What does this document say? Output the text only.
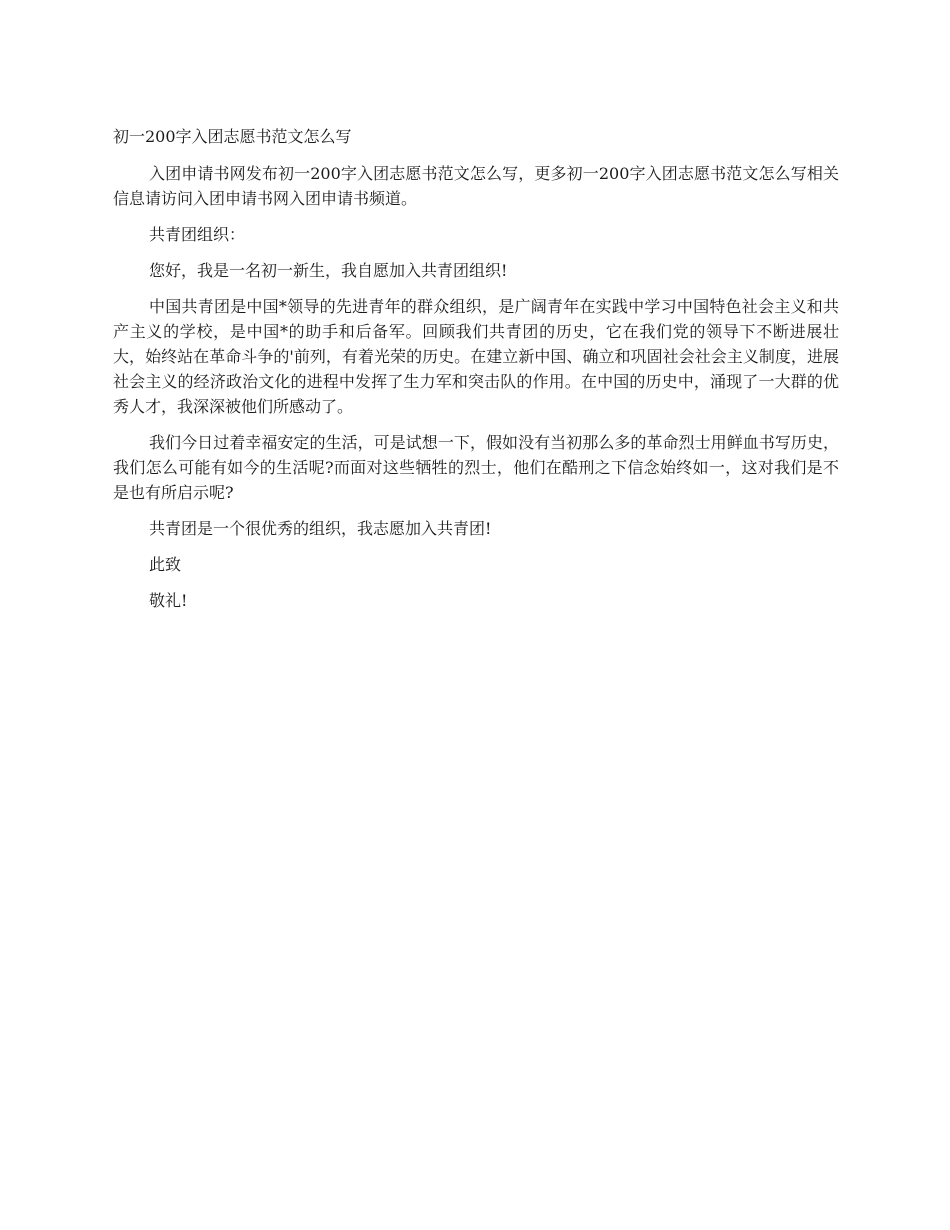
初一200字入团志愿书范文怎么写

入团申请书网发布初一200字入团志愿书范文怎么写，更多初一200字入团志愿书范文怎么写相关信息请访问入团申请书网入团申请书频道。

共青团组织：

您好，我是一名初一新生，我自愿加入共青团组织!

中国共青团是中国*领导的先进青年的群众组织，是广阔青年在实践中学习中国特色社会主义和共产主义的学校，是中国*的助手和后备军。回顾我们共青团的历史，它在我们党的领导下不断进展壮大，始终站在革命斗争的'前列，有着光荣的历史。在建立新中国、确立和巩固社会社会主义制度，进展社会主义的经济政治文化的进程中发挥了生力军和突击队的作用。在中国的历史中，涌现了一大群的优秀人才，我深深被他们所感动了。

我们今日过着幸福安定的生活，可是试想一下，假如没有当初那么多的革命烈士用鲜血书写历史，我们怎么可能有如今的生活呢?而面对这些牺牲的烈士，他们在酷刑之下信念始终如一，这对我们是不是也有所启示呢?

共青团是一个很优秀的组织，我志愿加入共青团!

此致

敬礼!
